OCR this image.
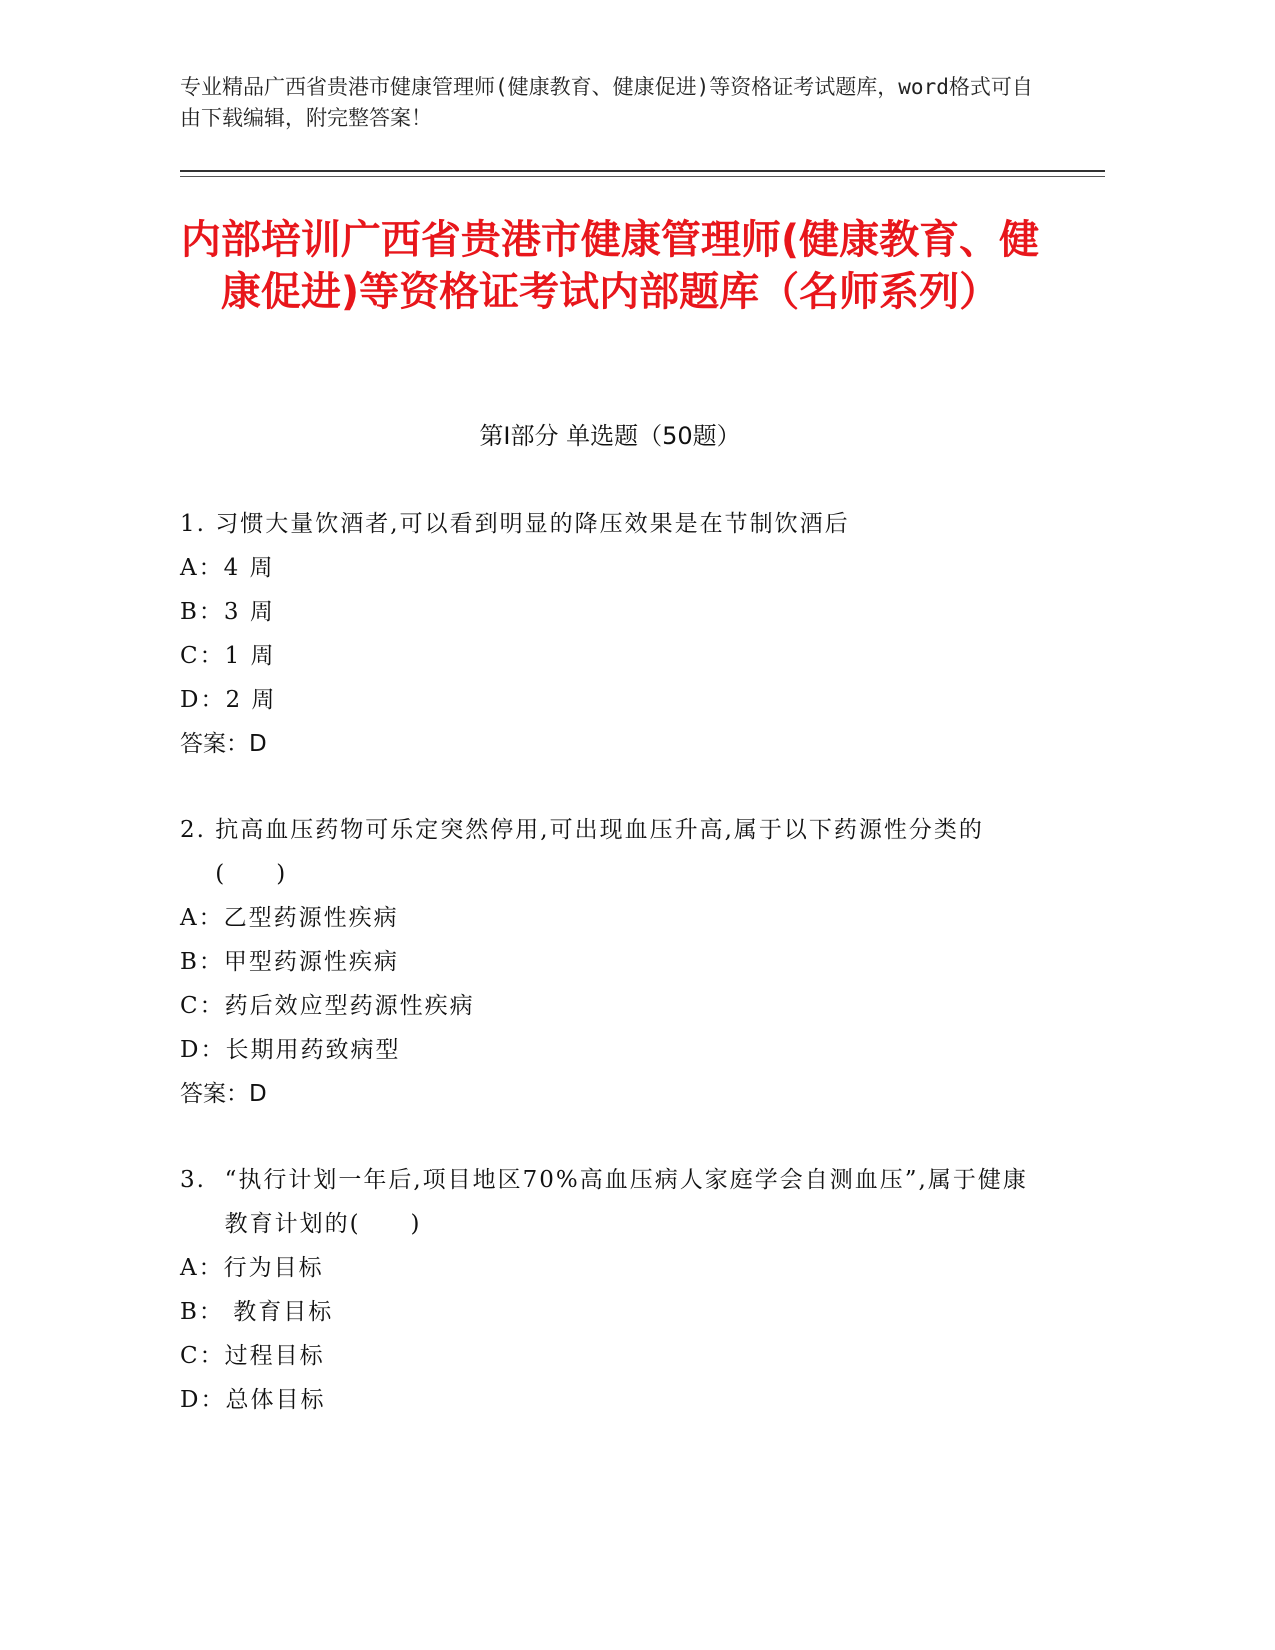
专业精品广西省贵港市健康管理师(健康教育、健康促进)等资格证考试题库，word格式可自由下载编辑，附完整答案！
内部培训广西省贵港市健康管理师(健康教育、健康促进)等资格证考试内部题库（名师系列）
第Ⅰ部分 单选题（50题）
1.
习惯大量饮酒者,可以看到明显的降压效果是在节制饮酒后
A：4 周
B：3 周
C：1 周
D：2 周
答案：D
2.
抗高血压药物可乐定突然停用,可出现血压升高,属于以下药源性分类的(　　)
A：乙型药源性疾病
B：甲型药源性疾病
C：药后效应型药源性疾病
D：长期用药致病型
答案：D
3.
“执行计划一年后,项目地区70%高血压病人家庭学会自测血压”,属于健康教育计划的(　　)
A：行为目标
B： 教育目标
C：过程目标
D：总体目标
